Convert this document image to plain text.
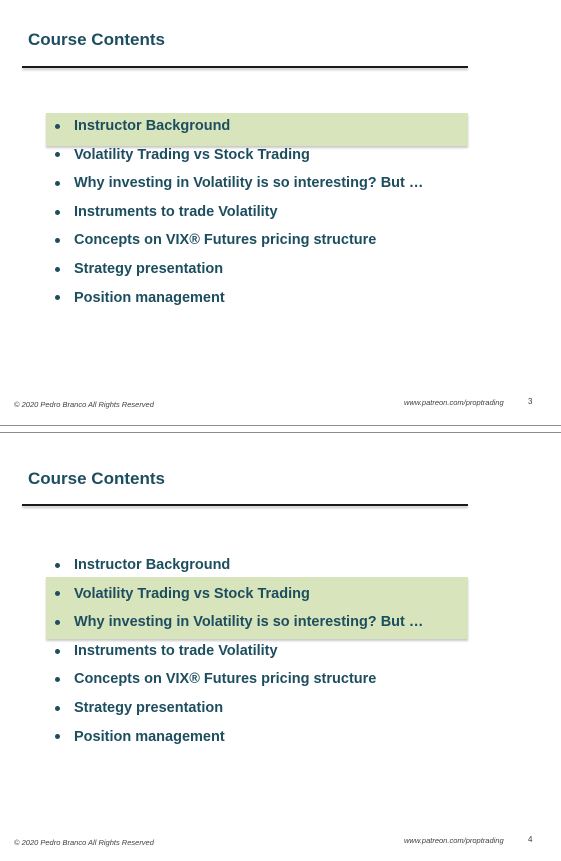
Course Contents
Instructor Background
Volatility Trading vs Stock Trading
Why investing in Volatility is so interesting? But …
Instruments to trade Volatility
Concepts on VIX® Futures pricing structure
Strategy presentation
Position management
© 2020 Pedro Branco All Rights Reserved	www.patreon.com/proptrading	3
Course Contents
Instructor Background
Volatility Trading vs Stock Trading
Why investing in Volatility is so interesting? But …
Instruments to trade Volatility
Concepts on VIX® Futures pricing structure
Strategy presentation
Position management
© 2020 Pedro Branco All Rights Reserved	www.patreon.com/proptrading	4
